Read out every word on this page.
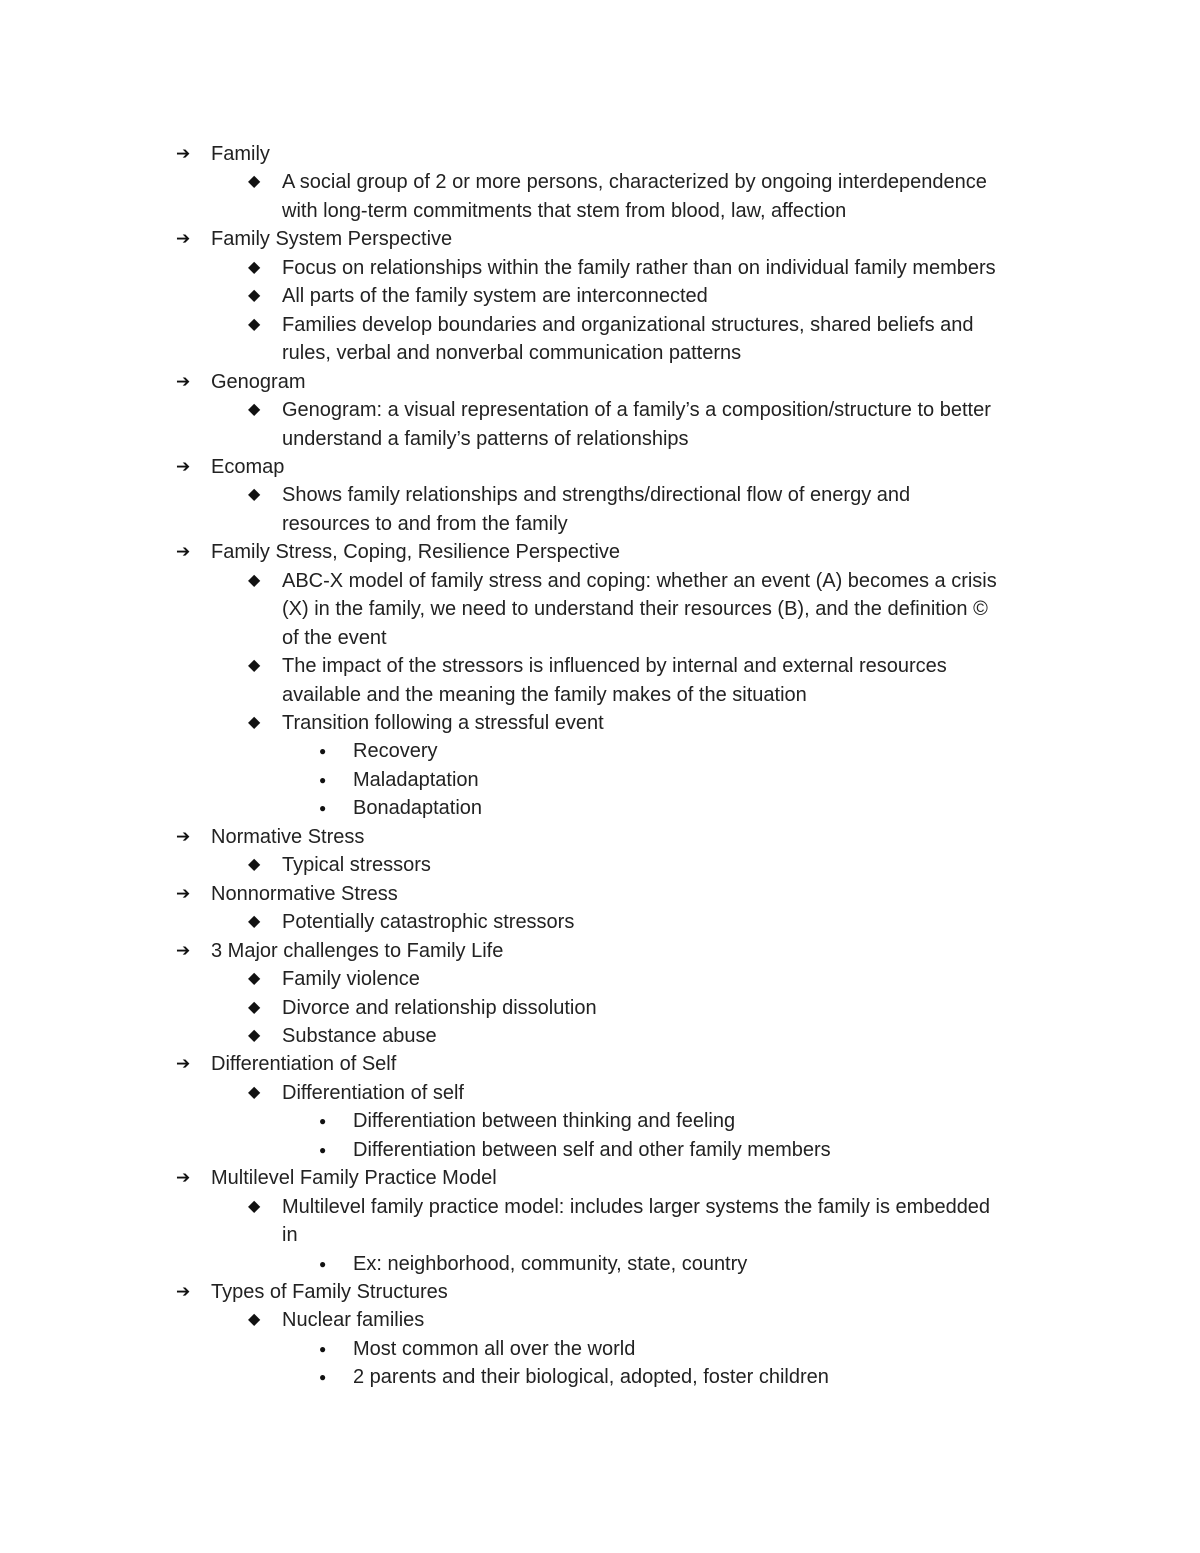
➔ Family
◆ A social group of 2 or more persons, characterized by ongoing interdependence
with long-term commitments that stem from blood, law, affection
➔ Family System Perspective
◆ Focus on relationships within the family rather than on individual family members
◆ All parts of the family system are interconnected
◆ Families develop boundaries and organizational structures, shared beliefs and
rules, verbal and nonverbal communication patterns
➔ Genogram
◆ Genogram: a visual representation of a family’s a composition/structure to better
understand a family’s patterns of relationships
➔ Ecomap
◆ Shows family relationships and strengths/directional flow of energy and
resources to and from the family
➔ Family Stress, Coping, Resilience Perspective
◆ ABC-X model of family stress and coping: whether an event (A) becomes a crisis
(X) in the family, we need to understand their resources (B), and the definition ©
of the event
◆ The impact of the stressors is influenced by internal and external resources
available and the meaning the family makes of the situation
◆ Transition following a stressful event
● Recovery
● Maladaptation
● Bonadaptation
➔ Normative Stress
◆ Typical stressors
➔ Nonnormative Stress
◆ Potentially catastrophic stressors
➔ 3 Major challenges to Family Life
◆ Family violence
◆ Divorce and relationship dissolution
◆ Substance abuse
➔ Differentiation of Self
◆ Differentiation of self
● Differentiation between thinking and feeling
● Differentiation between self and other family members
➔ Multilevel Family Practice Model
◆ Multilevel family practice model: includes larger systems the family is embedded
in
● Ex: neighborhood, community, state, country
➔ Types of Family Structures
◆ Nuclear families
● Most common all over the world
● 2 parents and their biological, adopted, foster children
